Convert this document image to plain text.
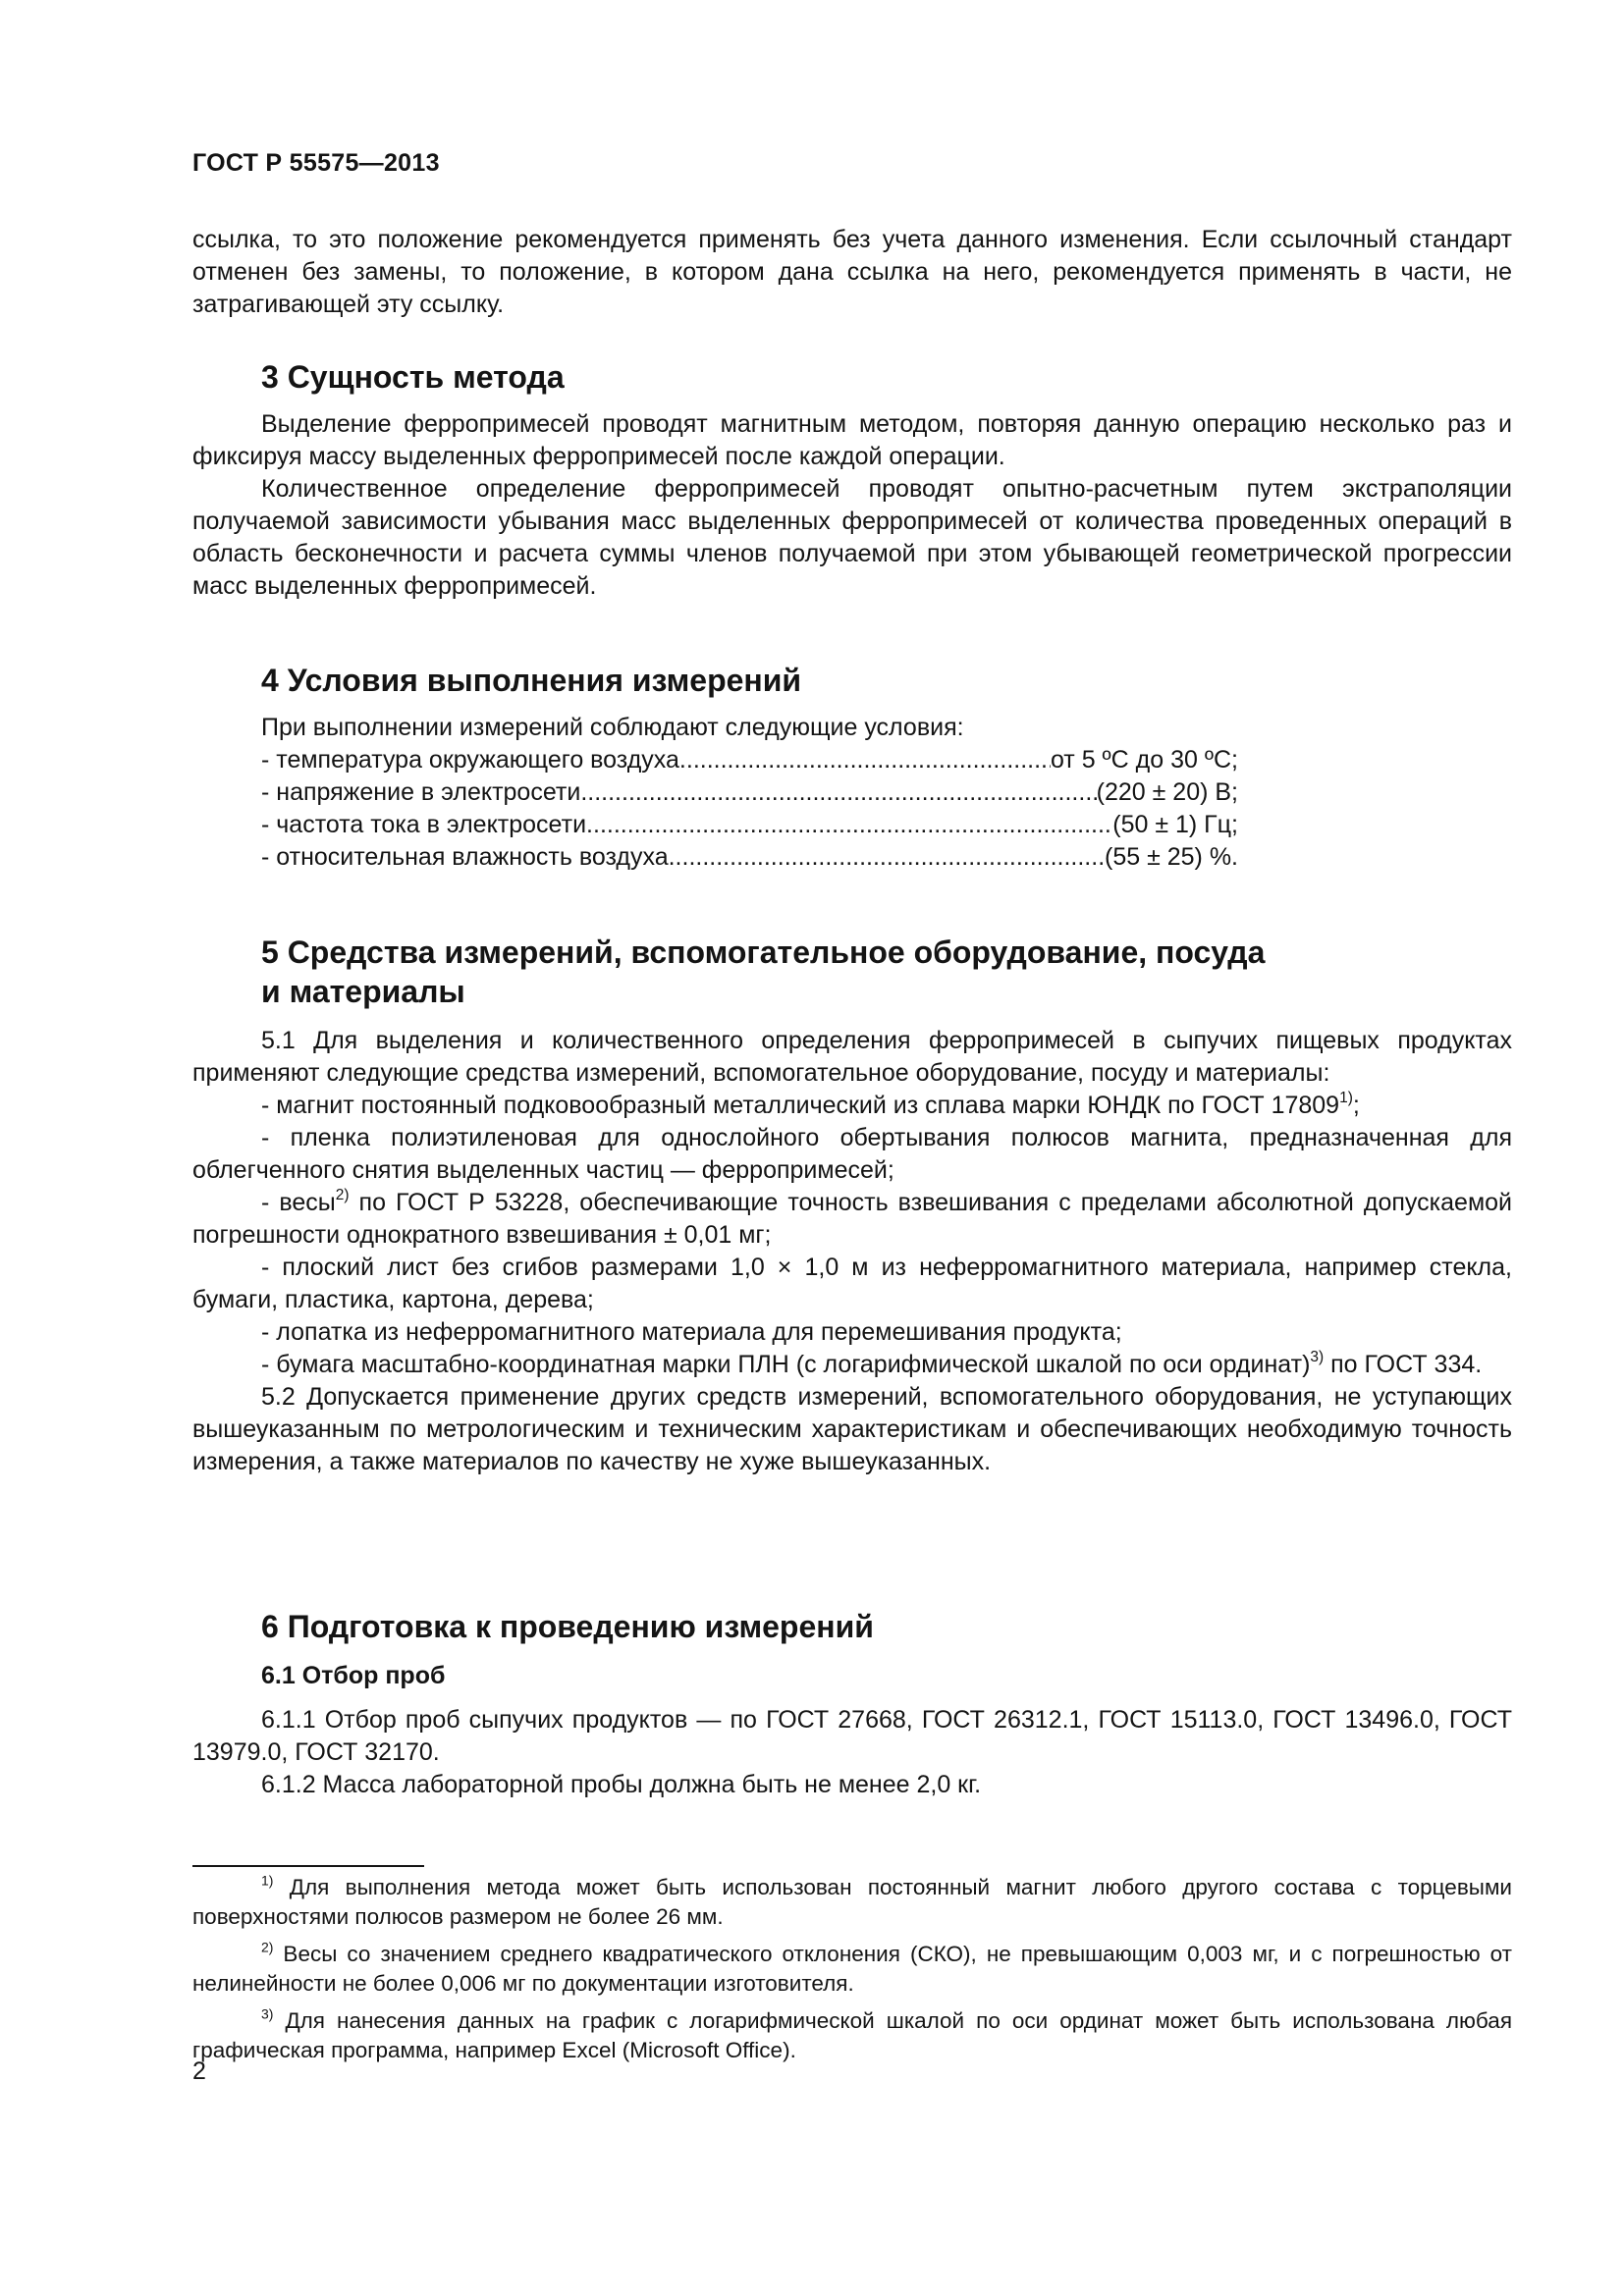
ГОСТ Р 55575—2013

ссылка, то это положение рекомендуется применять без учета данного изменения. Если ссылочный стандарт отменен без замены, то положение, в котором дана ссылка на него, рекомендуется применять в части, не затрагивающей эту ссылку.

3 Сущность метода

Выделение ферропримесей проводят магнитным методом, повторяя данную операцию несколько раз и фиксируя массу выделенных ферропримесей после каждой операции.

Количественное определение ферропримесей проводят опытно-расчетным путем экстраполяции получаемой зависимости убывания масс выделенных ферропримесей от количества проведенных операций в область бесконечности и расчета суммы членов получаемой при этом убывающей геометрической прогрессии масс выделенных ферропримесей.

4 Условия выполнения измерений

При выполнении измерений соблюдают следующие условия:

- температура окружающего воздуха .....	от 5 ºС до 30 ºС;
- напряжение в электросети .....	(220 ± 20) В;
- частота тока в электросети .....	(50 ± 1) Гц;
- относительная влажность воздуха .....	(55 ± 25) %.
5 Средства измерений, вспомогательное оборудование, посуда
и материалы

5.1 Для выделения и количественного определения ферропримесей в сыпучих пищевых продуктах применяют следующие средства измерений, вспомогательное оборудование, посуду и материалы:

- магнит постоянный подковообразный металлический из сплава марки ЮНДК по ГОСТ 17809$^{1)}$;

- пленка полиэтиленовая для однослойного обертывания полюсов магнита, предназначенная для облегченного снятия выделенных частиц — ферропримесей;

- весы$^{2)}$ по ГОСТ Р 53228, обеспечивающие точность взвешивания с пределами абсолютной допускаемой погрешности однократного взвешивания ± 0,01 мг;

- плоский лист без сгибов размерами 1,0 × 1,0 м из неферромагнитного материала, например стекла, бумаги, пластика, картона, дерева;

- лопатка из неферромагнитного материала для перемешивания продукта;

- бумага масштабно-координатная марки ПЛН (с логарифмической шкалой по оси ординат)$^{3)}$ по ГОСТ 334.

5.2 Допускается применение других средств измерений, вспомогательного оборудования, не уступающих вышеуказанным по метрологическим и техническим характеристикам и обеспечивающих необходимую точность измерения, а также материалов по качеству не хуже вышеуказанных.

6 Подготовка к проведению измерений
6.1 Отбор проб

6.1.1 Отбор проб сыпучих продуктов — по ГОСТ 27668, ГОСТ 26312.1, ГОСТ 15113.0, ГОСТ 13496.0, ГОСТ 13979.0, ГОСТ 32170.

6.1.2 Масса лабораторной пробы должна быть не менее 2,0 кг.

$^{1)}$ Для выполнения метода может быть использован постоянный магнит любого другого состава с торцевыми поверхностями полюсов размером не более 26 мм.

$^{2)}$ Весы со значением среднего квадратического отклонения (СКО), не превышающим 0,003 мг, и с погрешностью от нелинейности не более 0,006 мг по документации изготовителя.

$^{3)}$ Для нанесения данных на график с логарифмической шкалой по оси ординат может быть использована любая графическая программа, например Excel (Microsoft Office).

2
